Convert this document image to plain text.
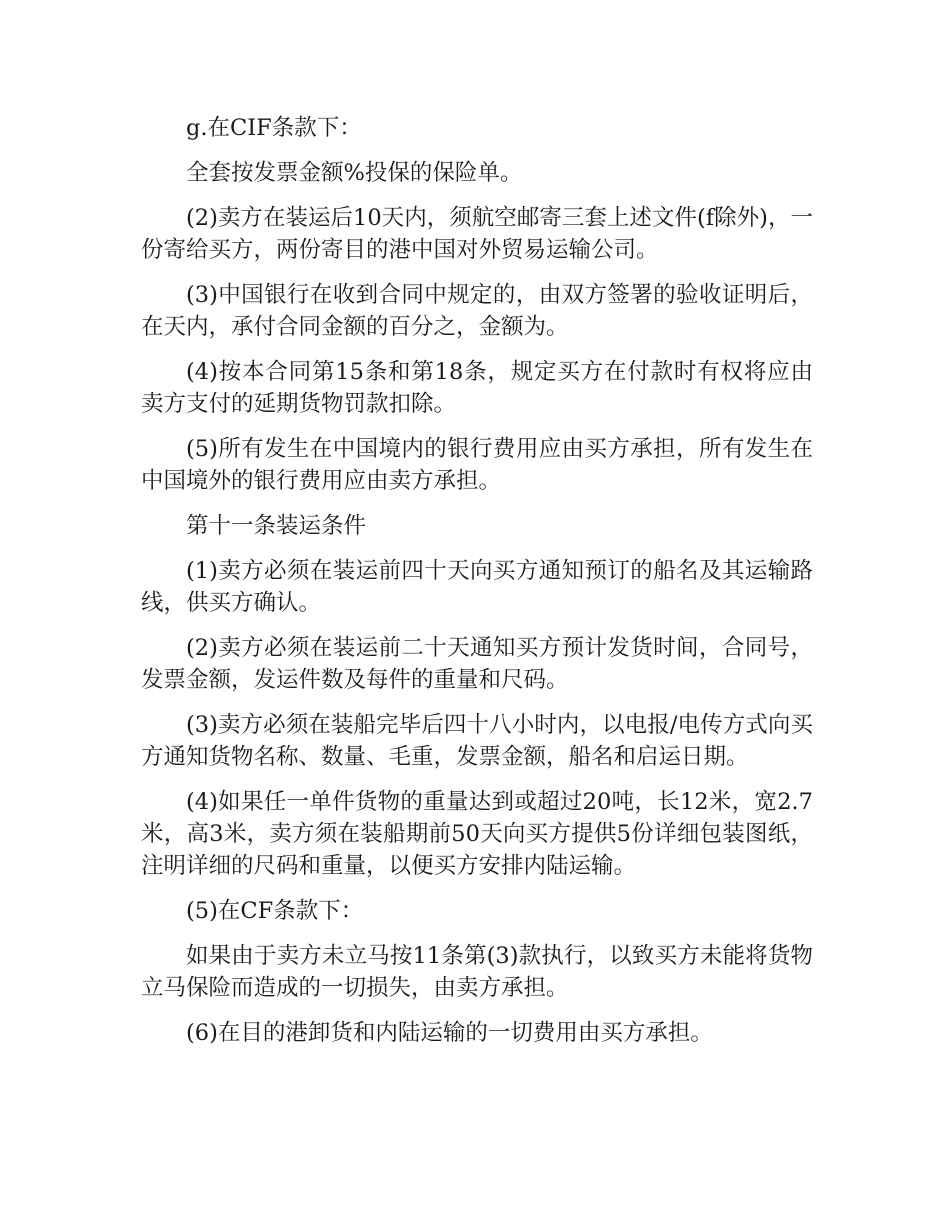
g.在CIF条款下：

全套按发票金额%投保的保险单。

(2)卖方在装运后10天内，须航空邮寄三套上述文件(f除外)，一份寄给买方，两份寄目的港中国对外贸易运输公司。

(3)中国银行在收到合同中规定的，由双方签署的验收证明后，在天内，承付合同金额的百分之，金额为。

(4)按本合同第15条和第18条，规定买方在付款时有权将应由卖方支付的延期货物罚款扣除。

(5)所有发生在中国境内的银行费用应由买方承担，所有发生在中国境外的银行费用应由卖方承担。

第十一条装运条件

(1)卖方必须在装运前四十天向买方通知预订的船名及其运输路线，供买方确认。

(2)卖方必须在装运前二十天通知买方预计发货时间，合同号，发票金额，发运件数及每件的重量和尺码。

(3)卖方必须在装船完毕后四十八小时内，以电报/电传方式向买方通知货物名称、数量、毛重，发票金额，船名和启运日期。

(4)如果任一单件货物的重量达到或超过20吨，长12米，宽2.7米，高3米，卖方须在装船期前50天向买方提供5份详细包装图纸，注明详细的尺码和重量，以便买方安排内陆运输。

(5)在CF条款下：

如果由于卖方未立马按11条第(3)款执行，以致买方未能将货物立马保险而造成的一切损失，由卖方承担。

(6)在目的港卸货和内陆运输的一切费用由买方承担。
